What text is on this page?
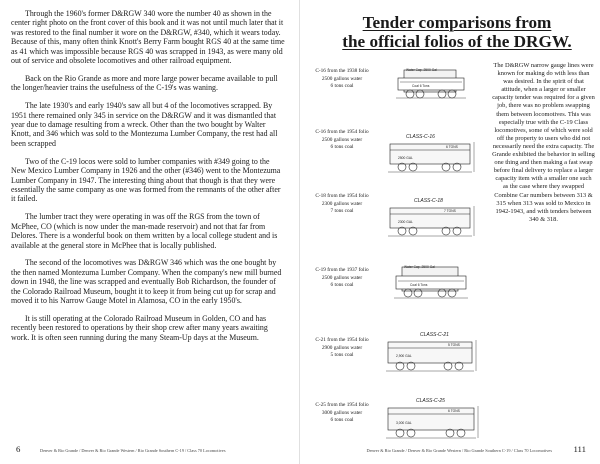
Through the 1960's former D&RGW 340 wore the number 40 as shown in the center right photo on the front cover of this book and it was not until much later that it was restored to the final number it wore on the D&RGW, #340, which it wears today. Because of this, many often think Knott's Berry Farm bought RGS 40 at the same time as 41 which was impossible because RGS 40 was scrapped in 1943, as were many old out of service and obsolete locomotives and other railroad equipment.

Back on the Rio Grande as more and more large power became available to pull the longer/heavier trains the usefulness of the C-19's was waning.

The late 1930's and early 1940's saw all but 4 of the locomotives scrapped. By 1951 there remained only 345 in service on the D&RGW and it was dismantled that year due to damage resulting from a wreck. Other than the two bought by Walter Knott, and 346 which was sold to the Montezuma Lumber Company, the rest had all been scrapped

Two of the C-19 locos were sold to lumber companies with #349 going to the New Mexico Lumber Company in 1926 and the other (#346) went to the Montezuma Lumber Company in 1947. The interesting thing about that though is that they were essentially the same company as one was formed from the remnants of the other after it failed.

The lumber tract they were operating in was off the RGS from the town of McPhee, CO (which is now under the man-made reservoir) and not that far from Delores. There is a wonderful book on them written by a local college student and is available at the general store in McPhee that is locally published.

The second of the locomotives was D&RGW 346 which was the one bought by the then named Montezuma Lumber Company. When the company's new mill burned down in 1948, the line was scrapped and eventually Bob Richardson, the founder of the Colorado Railroad Museum, bought it to keep it from being cut up for scrap and moved it to his Narrow Gauge Motel in Alamosa, CO in the early 1950's.

It is still operating at the Colorado Railroad Museum in Golden, CO and has recently been restored to operations by their shop crew after many years awaiting work. It is often seen running during the many Steam-Up days at the Museum.

6	Denver & Rio Grande / Denver & Rio Grande Western / Rio Grande Southern C-19 / Class 70 Locomotives
Tender comparisons from
the official folios of the DRGW.
C-16 from the 1938 folio
2500 gallons water
6 tons coal
C-16 from the 1954 folio
2500 gallons water
6 tons coal
C-18 from the 1954 folio
2300 gallons water
7 tons coal
C-19 from the 1937 folio
2500 gallons water
6 tons coal
C-21 from the 1954 folio
2900 gallons water
5 tons coal
C-25 from the 1954 folio
3000 gallons water
6 tons coal
Water Cap. 2500 Gal
Coal 6 Tons
CLASS-C-16
2500 GAL
6 TONS
CLASS-C-18
2300 GAL
7 TONS
Water Cap. 2500 Gal
Coal 6 Tons
CLASS-C-21
2,900 GAL
5 TONS
CLASS-C-25
3,000 GAL
6 TONS
The D&RGW narrow gauge lines were known for making do with less than was desired. In the spirit of that attitude, when a larger or smaller capacity tender was required for a given job, there was no problem swapping them between locomotives. This was especially true with the C-19 Class locomotives, some of which were sold off the property to users who did not necessarily need the extra capacity. The Grande exhibited the behavior in selling one thing and then making a fast swap before final delivery to replace a larger capacity item with a smaller one such as the case where they swapped Combine Car numbers between 313 & 315 when 313 was sold to Mexico in 1942-1943, and with tenders between 340 & 318.
Denver & Rio Grande / Denver & Rio Grande Western / Rio Grande Southern C-19 / Class 70 Locomotives 111
